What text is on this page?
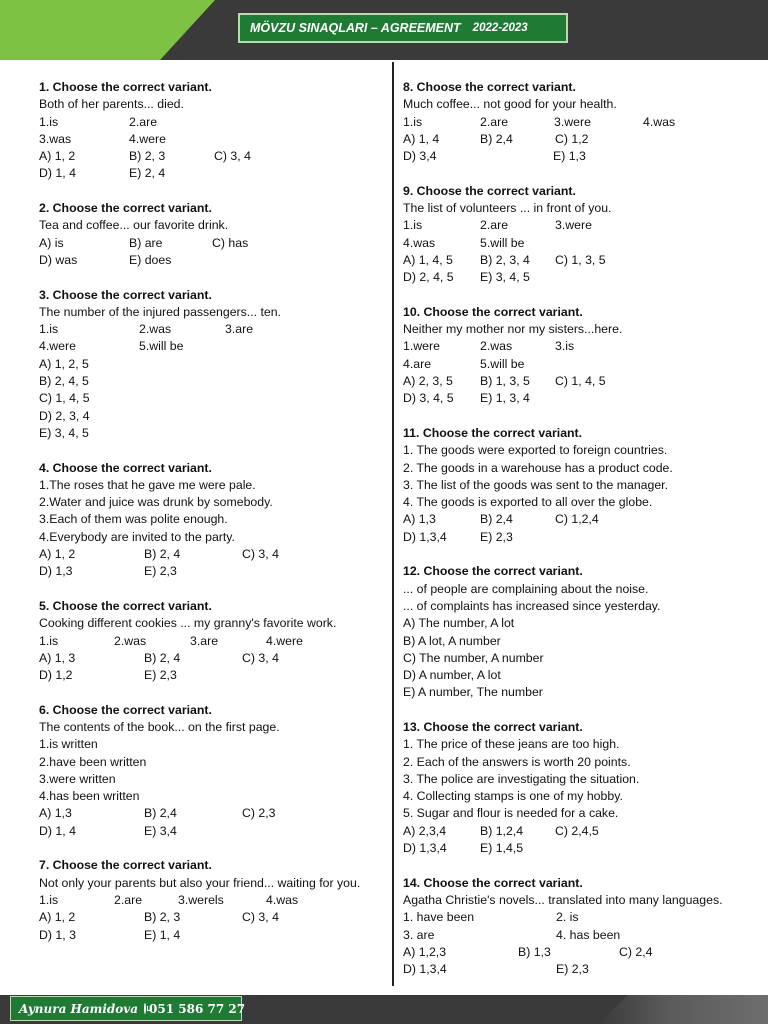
MÖVZU SINAQLARI – AGREEMENT 2022-2023
1. Choose the correct variant.
Both of her parents... died.
1.is	2.are
3.was	4.were
A) 1, 2	B) 2, 3	C) 3, 4
D) 1, 4	E) 2, 4
2. Choose the correct variant.
Tea and coffee... our favorite drink.
A) is	B) are	C) has
D) was	E) does
3. Choose the correct variant.
The number of the injured passengers... ten.
1.is	2.was	3.are
4.were	5.will be
A) 1, 2, 5
B) 2, 4, 5
C) 1, 4, 5
D) 2, 3, 4
E) 3, 4, 5
4. Choose the correct variant.
1.The roses that he gave me were pale.
2.Water and juice was drunk by somebody.
3.Each of them was polite enough.
4.Everybody are invited to the party.
A) 1, 2	B) 2, 4	C) 3, 4
D) 1,3	E) 2,3
5. Choose the correct variant.
Cooking different cookies ... my granny's favorite work.
1.is	2.was	3.are	4.were
A) 1, 3	B) 2, 4	C) 3, 4
D) 1,2	E) 2,3
6. Choose the correct variant.
The contents of the book... on the first page.
1.is written
2.have been written
3.were written
4.has been written
A) 1,3	B) 2,4	C) 2,3
D) 1, 4	E) 3,4
7. Choose the correct variant.
Not only your parents but also your friend... waiting for you.
1.is	2.are	3.werels	4.was
A) 1, 2	B) 2, 3	C) 3, 4
D) 1, 3	E) 1, 4
8. Choose the correct variant.
Much coffee... not good for your health.
1.is	2.are	3.were	4.was
A) 1, 4	B) 2,4	C) 1,2
D) 3,4	E) 1,3
9. Choose the correct variant.
The list of volunteers ... in front of you.
1.is	2.are	3.were
4.was	5.will be
A) 1, 4, 5 B) 2, 3, 4 C) 1, 3, 5
D) 2, 4, 5 E) 3, 4, 5
10. Choose the correct variant.
Neither my mother nor my sisters...here.
1.were	2.was	3.is
4.are	5.will be
A) 2, 3, 5 B) 1, 3, 5 C) 1, 4, 5
D) 3, 4, 5 E) 1, 3, 4
11. Choose the correct variant.
1. The goods were exported to foreign countries.
2. The goods in a warehouse has a product code.
3. The list of the goods was sent to the manager.
4. The goods is exported to all over the globe.
A) 1,3	B) 2,4	C) 1,2,4
D) 1,3,4	E) 2,3
12. Choose the correct variant.
... of people are complaining about the noise.
... of complaints has increased since yesterday.
A) The number, A lot
B) A lot, A number
C) The number, A number
D) A number, A lot
E) A number, The number
13. Choose the correct variant.
1. The price of these jeans are too high.
2. Each of the answers is worth 20 points.
3. The police are investigating the situation.
4. Collecting stamps is one of my hobby.
5. Sugar and flour is needed for a cake.
A) 2,3,4	B) 1,2,4	C) 2,4,5
D) 1,3,4	E) 1,4,5
14. Choose the correct variant.
Agatha Christie's novels... translated into many languages.
1. have been	2. is
3. are	4. has been
A) 1,2,3	B) 1,3	C) 2,4
D) 1,3,4	E) 2,3
Aynura Hamidova 051 586 77 27
